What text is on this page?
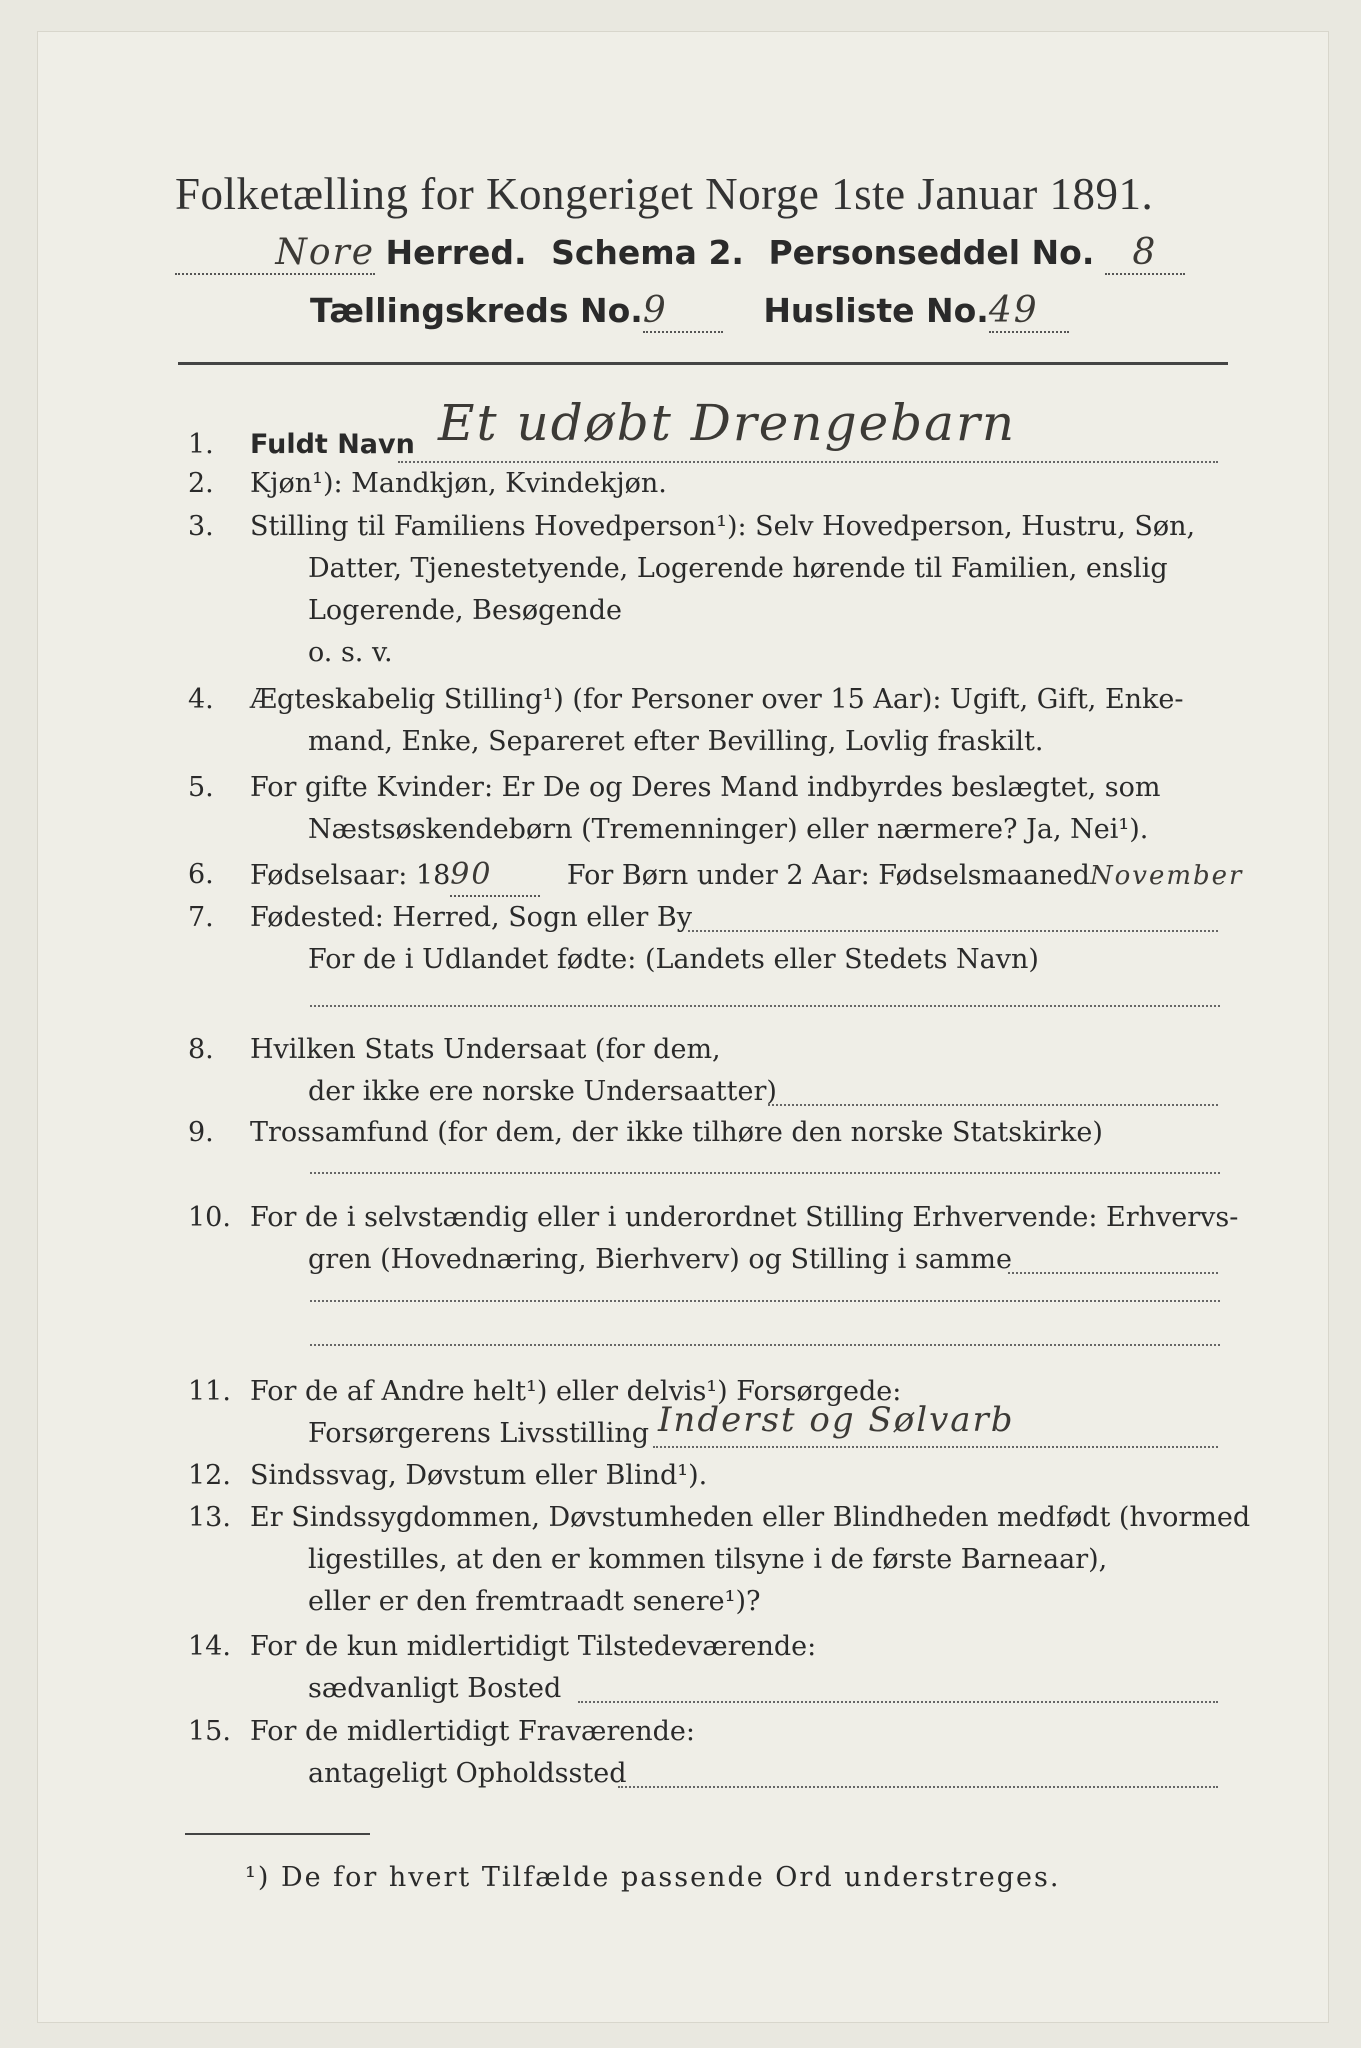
Folketælling for Kongeriget Norge 1ste Januar 1891.
Nore Herred. Schema 2. Personseddel No. 8
Tællingskreds No.9	Husliste No.49
1.	Fuldt Navn Et udøbt Drengebarn
2.	Kjøn¹): Mandkjøn, Kvindekjøn.
3.	Stilling til Familiens Hovedperson¹): Selv Hovedperson, Hustru, Søn,
Datter, Tjenestetyende, Logerende hørende til Familien, enslig
Logerende, Besøgende
o. s. v.
4.	Ægteskabelig Stilling¹) (for Personer over 15 Aar): Ugift, Gift, Enke-
mand, Enke, Separeret efter Bevilling, Lovlig fraskilt.
5.	For gifte Kvinder: Er De og Deres Mand indbyrdes beslægtet, som
Næstsøskendebørn (Tremenninger) eller nærmere? Ja, Nei¹).
6.	Fødselsaar: 1890	For Børn under 2 Aar: FødselsmaanedNovember
7.	Fødested: Herred, Sogn eller By
For de i Udlandet fødte: (Landets eller Stedets Navn)
8.	Hvilken Stats Undersaat (for dem,
der ikke ere norske Undersaatter)
9.	Trossamfund (for dem, der ikke tilhøre den norske Statskirke)
10. For de i selvstændig eller i underordnet Stilling Erhvervende: Erhvervs-
gren (Hovednæring, Bierhverv) og Stilling i samme
11. For de af Andre helt¹) eller delvis¹) Forsørgede:
Forsørgerens Livsstilling Inderst og Sølvarb
12. Sindssvag, Døvstum eller Blind¹).
13. Er Sindssygdommen, Døvstumheden eller Blindheden medfødt (hvormed
ligestilles, at den er kommen tilsyne i de første Barneaar),
eller er den fremtraadt senere¹)?
14. For de kun midlertidigt Tilstedeværende:
sædvanligt Bosted
15. For de midlertidigt Fraværende:
antageligt Opholdssted
¹) De for hvert Tilfælde passende Ord understreges.
